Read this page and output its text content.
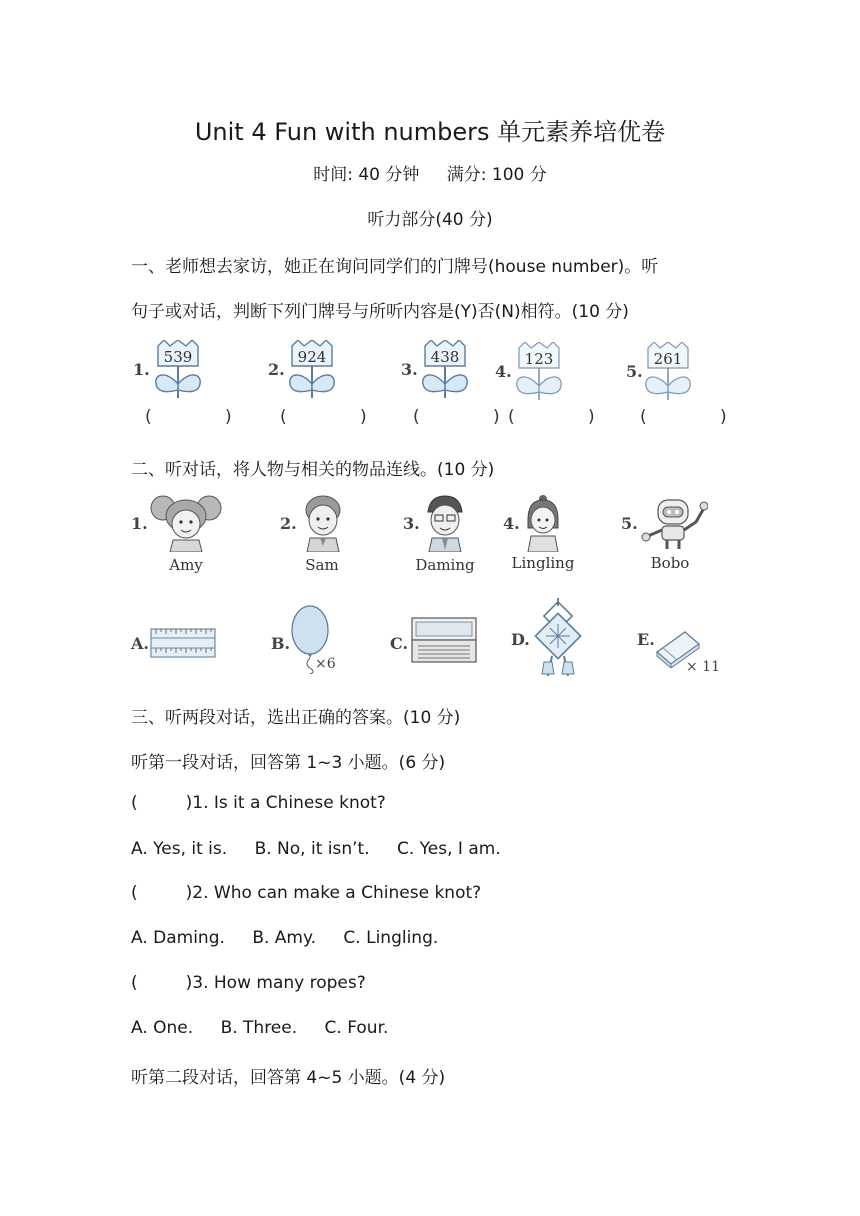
Unit 4 Fun with numbers 单元素养培优卷
时间: 40 分钟 满分: 100 分
听力部分(40 分)
一、老师想去家访，她正在询问同学们的门牌号(house number)。听
句子或对话，判断下列门牌号与所听内容是(Y)否(N)相符。(10 分)
1.
539
( )
2.
924
( )
3.
438
( )
4.
123
( )
5.
261
( )
二、听对话，将人物与相关的物品连线。(10 分)
1.
Amy
2.
Sam
3.
Daming
4.
Lingling
5.
Bobo
A.	B.
×6
C.	D.	E.
× 11
三、听两段对话，选出正确的答案。(10 分)
听第一段对话，回答第 1~3 小题。(6 分)
(	)1. Is it a Chinese knot?
A. Yes, it is. B. No, it isn’t. C. Yes, I am.
(	)2. Who can make a Chinese knot?
A. Daming. B. Amy. C. Lingling.
(	)3. How many ropes?
A. One. B. Three. C. Four.
听第二段对话，回答第 4~5 小题。(4 分)
